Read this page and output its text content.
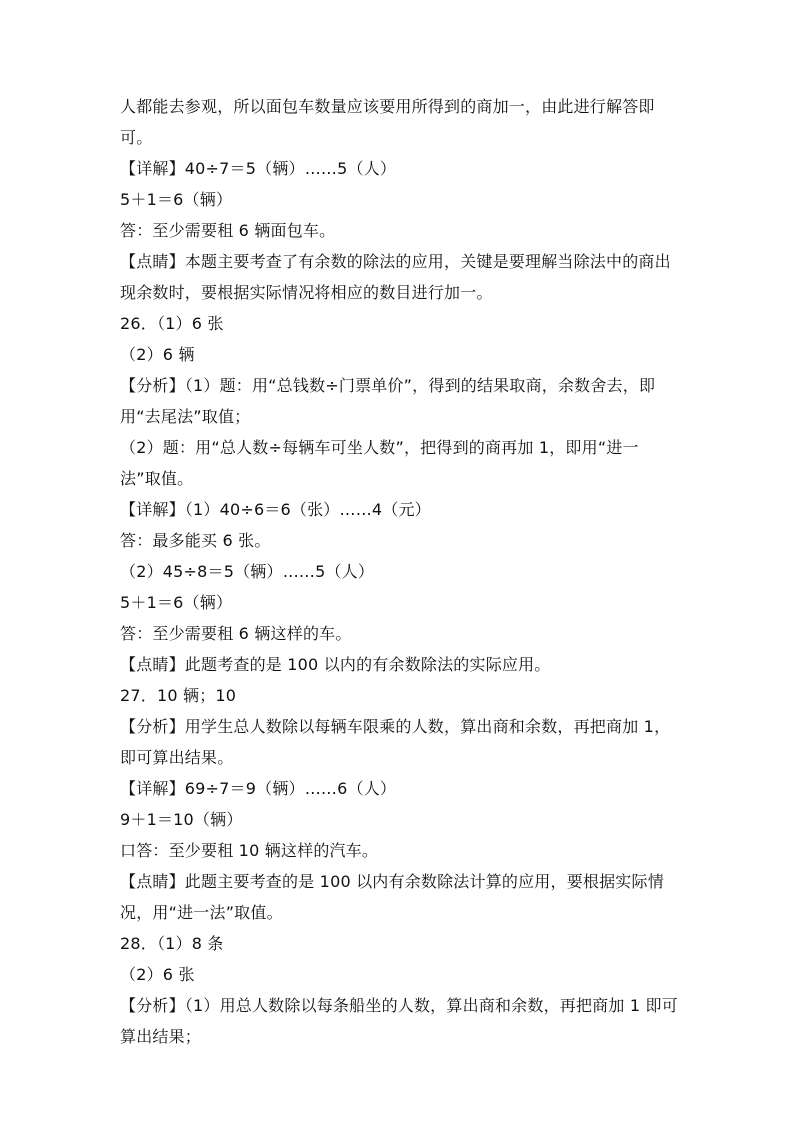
人都能去参观，所以面包车数量应该要用所得到的商加一，由此进行解答即
可。
【详解】40÷7＝5（辆）……5（人）
5＋1＝6（辆）
答：至少需要租 6 辆面包车。
【点睛】本题主要考查了有余数的除法的应用，关键是要理解当除法中的商出
现余数时，要根据实际情况将相应的数目进行加一。
26．（1）6 张
（2）6 辆
【分析】（1）题：用“总钱数÷门票单价”，得到的结果取商，余数舍去，即
用“去尾法”取值；
（2）题：用“总人数÷每辆车可坐人数”，把得到的商再加 1，即用“进一
法”取值。
【详解】（1）40÷6＝6（张）……4（元）
答：最多能买 6 张。
（2）45÷8＝5（辆）……5（人）
5＋1＝6（辆）
答：至少需要租 6 辆这样的车。
【点睛】此题考查的是 100 以内的有余数除法的实际应用。
27．10 辆；10
【分析】用学生总人数除以每辆车限乘的人数，算出商和余数，再把商加 1，
即可算出结果。
【详解】69÷7＝9（辆）……6（人）
9＋1＝10（辆）
口答：至少要租 10 辆这样的汽车。
【点睛】此题主要考查的是 100 以内有余数除法计算的应用，要根据实际情
况，用“进一法”取值。
28．（1）8 条
（2）6 张
【分析】（1）用总人数除以每条船坐的人数，算出商和余数，再把商加 1 即可
算出结果；
